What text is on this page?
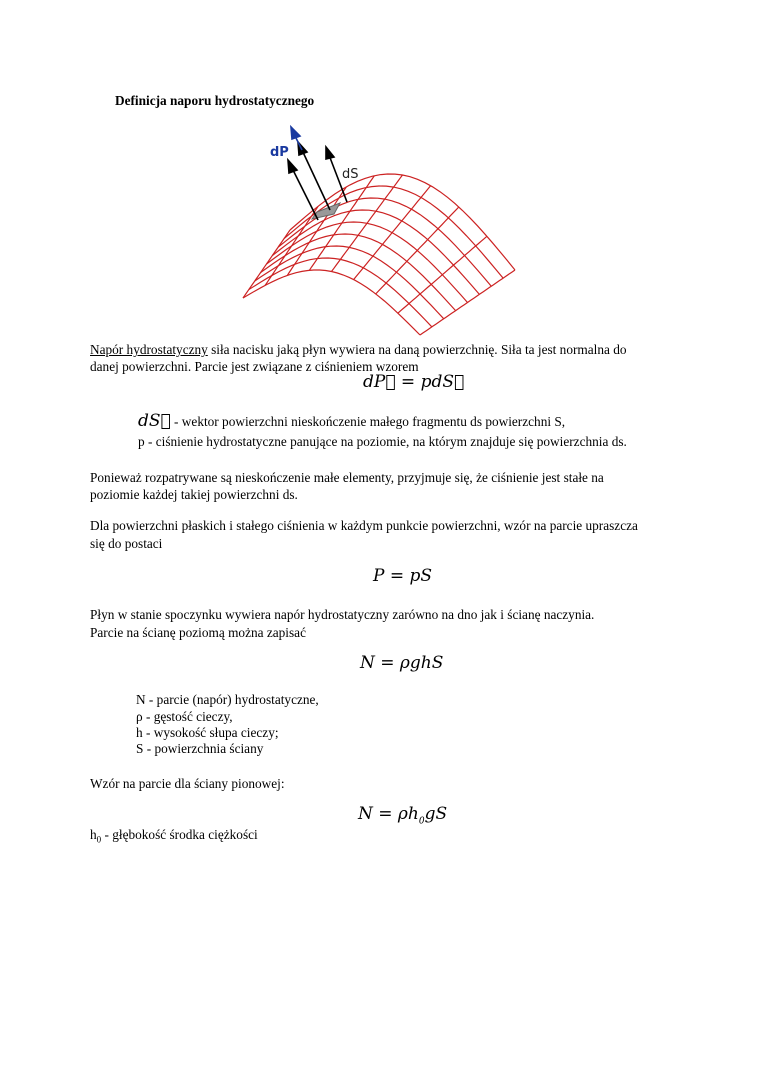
Definicja naporu hydrostatycznego
dP
dS
Napór hydrostatyczny siła nacisku jaką płyn wywiera na daną powierzchnię. Siła ta jest normalna do
danej powierzchni. Parcie jest związane z ciśnieniem wzorem
dP⃗ = pdS⃗
dS⃗ - wektor powierzchni nieskończenie małego fragmentu ds powierzchni S,
p - ciśnienie hydrostatyczne panujące na poziomie, na którym znajduje się powierzchnia ds.
Ponieważ rozpatrywane są nieskończenie małe elementy, przyjmuje się, że ciśnienie jest stałe na
poziomie każdej takiej powierzchni ds.
Dla powierzchni płaskich i stałego ciśnienia w każdym punkcie powierzchni, wzór na parcie upraszcza
się do postaci
P = pS
Płyn w stanie spoczynku wywiera napór hydrostatyczny zarówno na dno jak i ścianę naczynia.
Parcie na ścianę poziomą można zapisać
N = ρghS
N - parcie (napór) hydrostatyczne,
ρ - gęstość cieczy,
h - wysokość słupa cieczy;
S - powierzchnia ściany
Wzór na parcie dla ściany pionowej:
$N = \rho h_0gS$
$h_0$ - głębokość środka ciężkości
